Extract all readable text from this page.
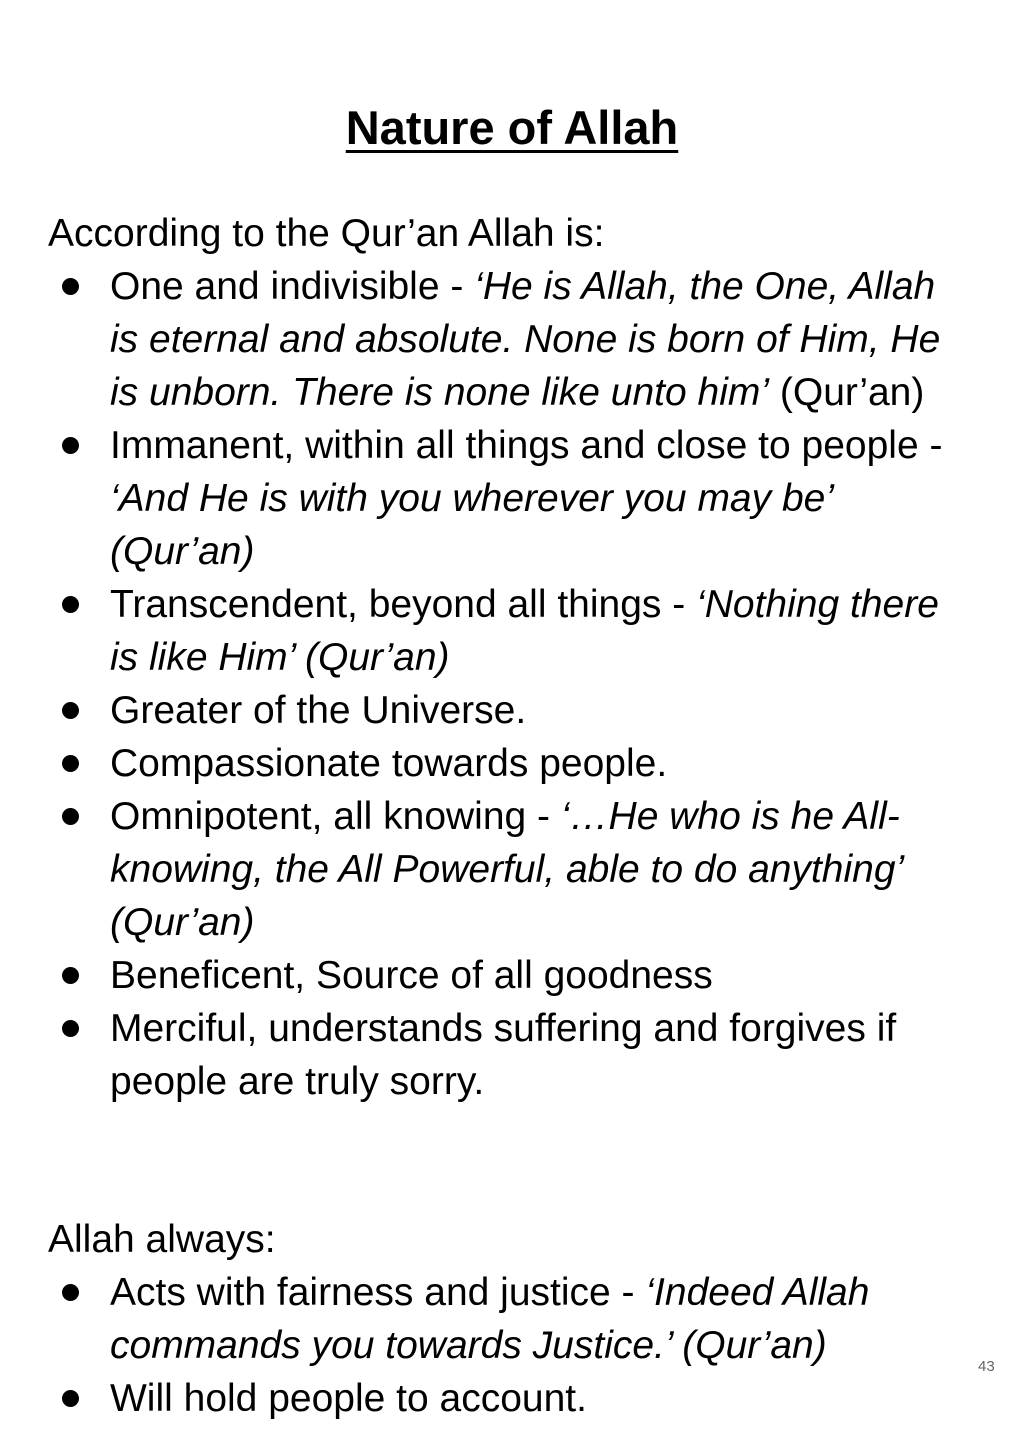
Nature of Allah

According to the Qur’an Allah is:

One and indivisible - ‘He is Allah, the One, Allah is eternal and absolute. None is born of Him, He is unborn. There is none like unto him’ (Qur’an)
Immanent, within all things and close to people - ‘And He is with you wherever you may be’ (Qur’an)
Transcendent, beyond all things - ‘Nothing there is like Him’ (Qur’an)
Greater of the Universe.
Compassionate towards people.
Omnipotent, all knowing - ‘…He who is he All-knowing, the All Powerful, able to do anything’ (Qur’an)
Beneficent, Source of all goodness
Merciful, understands suffering and forgives if people are truly sorry.

Allah always:

Acts with fairness and justice - ‘Indeed Allah commands you towards Justice.’ (Qur’an)
Will hold people to account.
43
